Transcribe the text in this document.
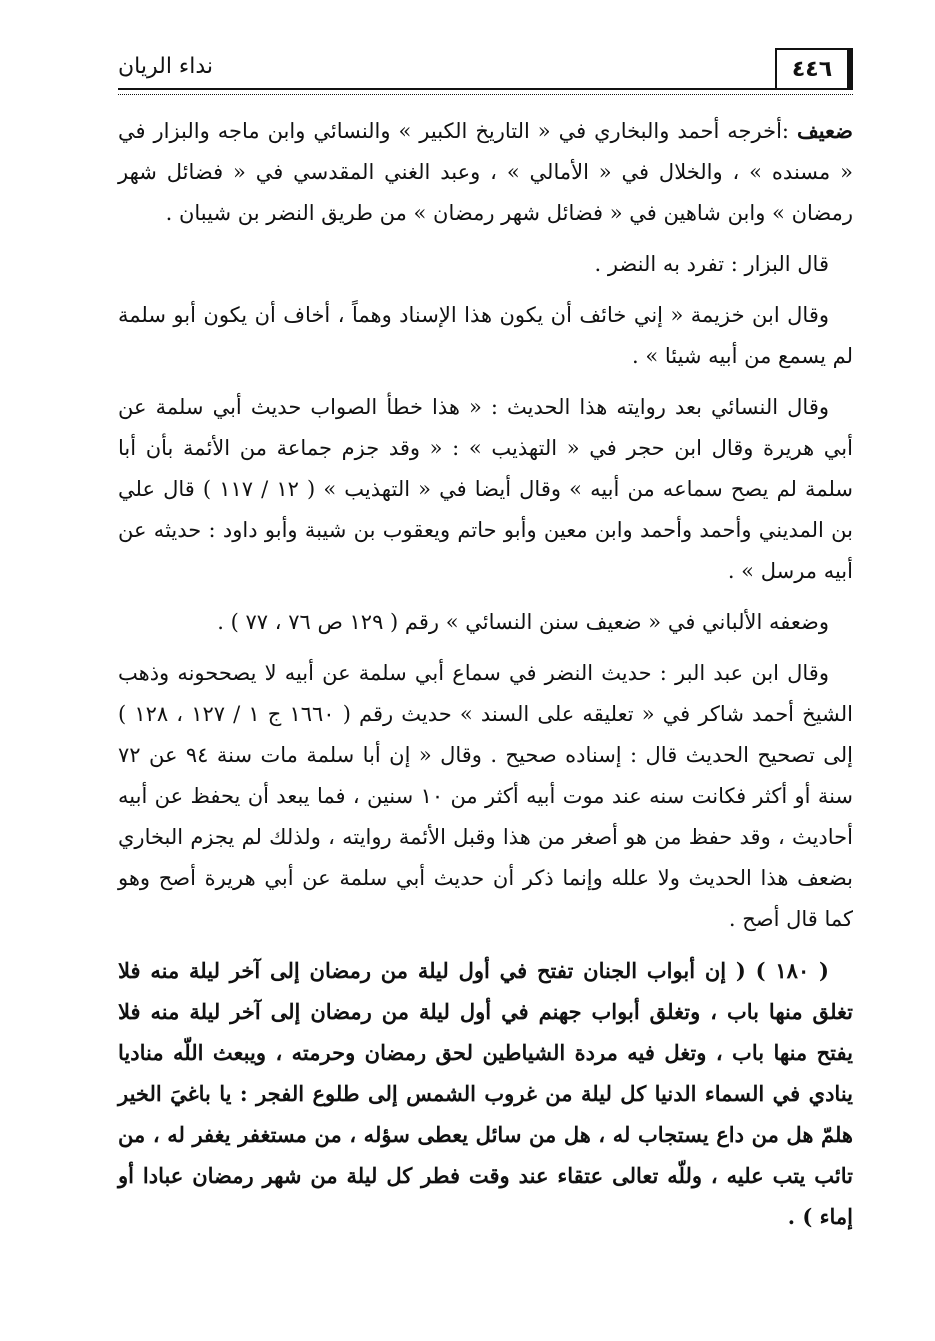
نداء الريان	٤٤٦

ضعيف :أخرجه أحمد والبخاري في « التاريخ الكبير » والنسائي وابن ماجه والبزار في « مسنده » ، والخلال في « الأمالي » ، وعبد الغني المقدسي في « فضائل شهر رمضان » وابن شاهين في « فضائل شهر رمضان » من طريق النضر بن شيبان .

قال البزار : تفرد به النضر .

وقال ابن خزيمة « إني خائف أن يكون هذا الإسناد وهماً ، أخاف أن يكون أبو سلمة لم يسمع من أبيه شيئا » .

وقال النسائي بعد روايته هذا الحديث : « هذا خطأ الصواب حديث أبي سلمة عن أبي هريرة وقال ابن حجر في « التهذيب » : « وقد جزم جماعة من الأئمة بأن أبا سلمة لم يصح سماعه من أبيه » وقال أيضا في « التهذيب » ( ١٢ / ١١٧ ) قال علي بن المديني وأحمد وأحمد وابن معين وأبو حاتم ويعقوب بن شيبة وأبو داود : حديثه عن أبيه مرسل » .

وضعفه الألباني في « ضعيف سنن النسائي » رقم ( ١٢٩ ص ٧٦ ، ٧٧ ) .

وقال ابن عبد البر : حديث النضر في سماع أبي سلمة عن أبيه لا يصححونه وذهب الشيخ أحمد شاكر في « تعليقه على السند » حديث رقم ( ١٦٦٠ ج ١ / ١٢٧ ، ١٢٨ ) إلى تصحيح الحديث قال : إسناده صحيح . وقال « إن أبا سلمة مات سنة ٩٤ عن ٧٢ سنة أو أكثر فكانت سنه عند موت أبيه أكثر من ١٠ سنين ، فما يبعد أن يحفظ عن أبيه أحاديث ، وقد حفظ من هو أصغر من هذا وقبل الأئمة روايته ، ولذلك لم يجزم البخاري بضعف هذا الحديث ولا علله وإنما ذكر أن حديث أبي سلمة عن أبي هريرة أصح وهو كما قال أصح .

( ١٨٠ ) ( إن أبواب الجنان تفتح في أول ليلة من رمضان إلى آخر ليلة منه فلا تغلق منها باب ، وتغلق أبواب جهنم في أول ليلة من رمضان إلى آخر ليلة منه فلا يفتح منها باب ، وتغل فيه مردة الشياطين لحق رمضان وحرمته ، ويبعث اللّه مناديا ينادي في السماء الدنيا كل ليلة من غروب الشمس إلى طلوع الفجر : يا باغيَ الخير هلمّ هل من داع يستجاب له ، هل من سائل يعطى سؤله ، من مستغفر يغفر له ، من تائب يتب عليه ، وللّه تعالى عتقاء عند وقت فطر كل ليلة من شهر رمضان عبادا أو إماء ) .
